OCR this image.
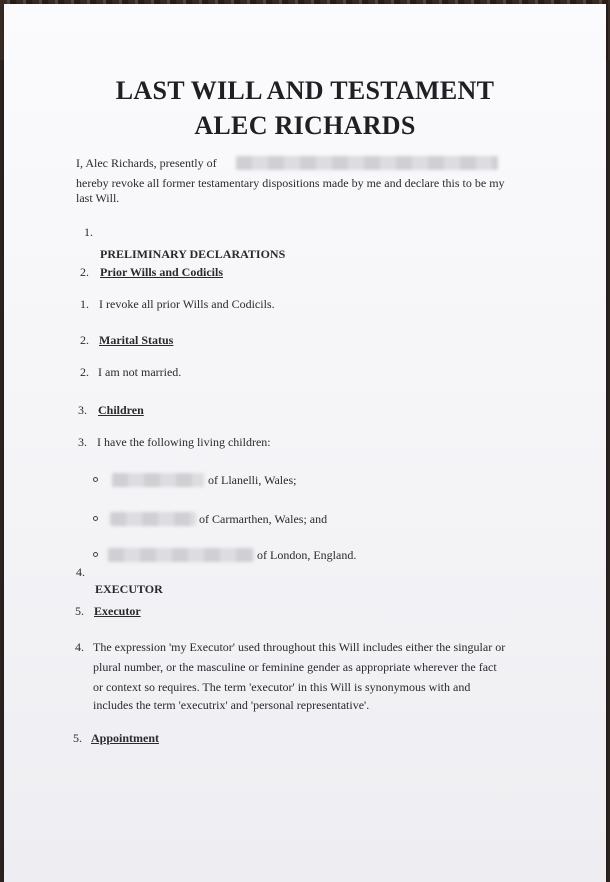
LAST WILL AND TESTAMENT
ALEC RICHARDS
I, Alec Richards, presently of
hereby revoke all former testamentary dispositions made by me and declare this to be my
last Will.
1.
PRELIMINARY DECLARATIONS
2. Prior Wills and Codicils
1. I revoke all prior Wills and Codicils.
2. Marital Status
2. I am not married.
3. Children
3. I have the following living children:
of Llanelli, Wales;
of Carmarthen, Wales; and
of London, England.
4.
EXECUTOR
5. Executor
4. The expression 'my Executor' used throughout this Will includes either the singular or
plural number, or the masculine or feminine gender as appropriate wherever the fact
or context so requires. The term 'executor' in this Will is synonymous with and
includes the term 'executrix' and 'personal representative'.
5. Appointment
